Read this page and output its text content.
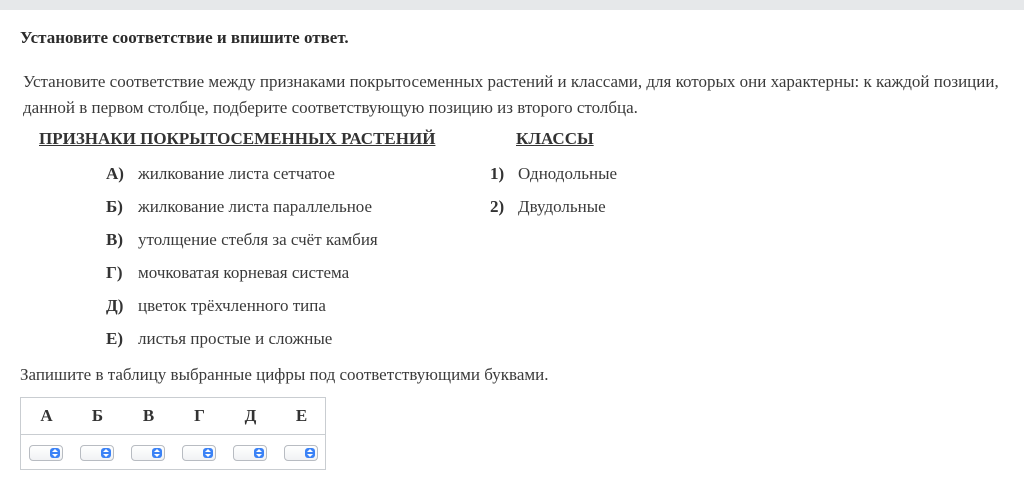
Установите соответствие и впишите ответ.
Установите соответствие между признаками покрытосеменных растений и классами, для которых они характерны: к каждой позиции, данной в первом столбце, подберите соответствующую позицию из второго столбца.
ПРИЗНАКИ ПОКРЫТОСЕМЕННЫХ РАСТЕНИЙ	КЛАССЫ
А) жилкование листа сетчатое
Б) жилкование листа параллельное
В) утолщение стебля за счёт камбия
Г) мочковатая корневая система
Д) цветок трёхчленного типа
Е) листья простые и сложные
1) Однодольные
2) Двудольные
Запишите в таблицу выбранные цифры под соответствующими буквами.
А	Б	В	Г	Д	Е
